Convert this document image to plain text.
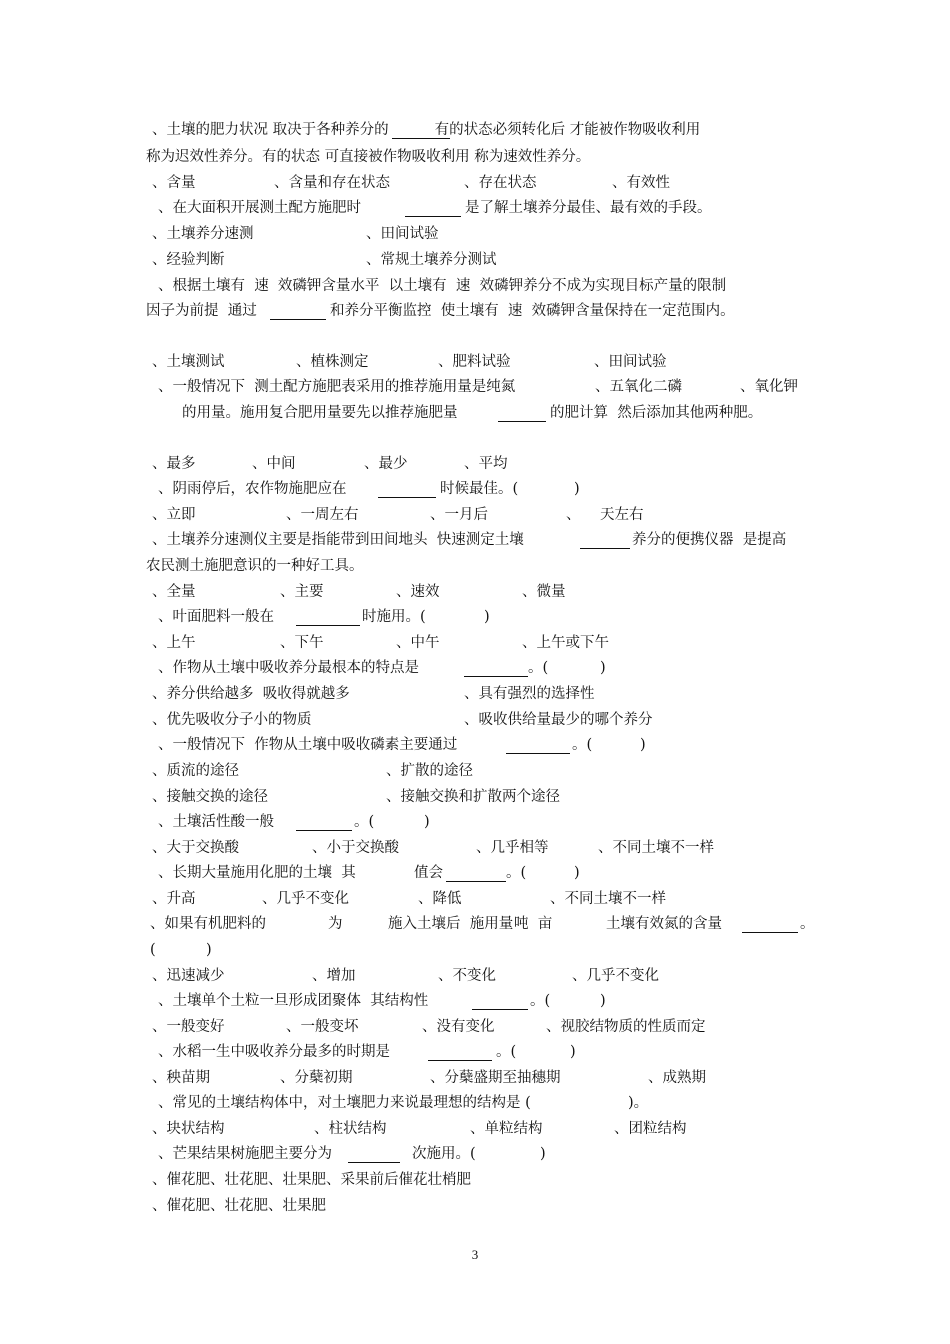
、土壤的肥力状况 取决于各种养分的	有的状态必须转化后 才能被作物吸收利用
称为迟效性养分。有的状态 可直接被作物吸收利用 称为速效性养分。
、含量	、含量和存在状态	、存在状态	、有效性
、在大面积开展测土配方施肥时	是了解土壤养分最佳、最有效的手段。
、土壤养分速测	、田间试验
、经验判断	、常规土壤养分测试
、根据土壤有  速  效磷钾含量水平  以土壤有  速  效磷钾养分不成为实现目标产量的限制
因子为前提  通过	和养分平衡监控  使土壤有  速  效磷钾含量保持在一定范围内。
、土壤测试	、植株测定	、肥料试验	、田间试验
、一般情况下  测土配方施肥表采用的推荐施用量是纯氮	、五氧化二磷	、氧化钾
的用量。施用复合肥用量要先以推荐施肥量	的肥计算  然后添加其他两种肥。
、最多	、中间	、最少	、平均
、阴雨停后，农作物施肥应在	时候最佳。(	)
、立即	、一周左右	、一月后	、 天左右
、土壤养分速测仪主要是指能带到田间地头  快速测定土壤	养分的便携仪器  是提高
农民测土施肥意识的一种好工具。
、全量	、主要	、速效	、微量
、叶面肥料一般在	时施用。(	)
、上午	、下午	、中午	、上午或下午
、作物从土壤中吸收养分最根本的特点是	。(	)
、养分供给越多  吸收得就越多	、具有强烈的选择性
、优先吸收分子小的物质	、吸收供给量最少的哪个养分
、一般情况下  作物从土壤中吸收磷素主要通过	。(	)
、质流的途径	、扩散的途径
、接触交换的途径	、接触交换和扩散两个途径
、土壤活性酸一般	。(	)
、大于交换酸	、小于交换酸	、几乎相等	、不同土壤不一样
、长期大量施用化肥的土壤  其	值会	。(	)
、升高	、几乎不变化	、降低	、不同土壤不一样
、如果有机肥料的	为	施入土壤后  施用量 吨  亩	土壤有效氮的含量	。
(	)
、迅速减少	、增加	、不变化	、几乎不变化
、土壤单个土粒一旦形成团聚体  其结构性	。(	)
、一般变好	、一般变坏	、没有变化	、视胶结物质的性质而定
、水稻一生中吸收养分最多的时期是	。(	)
、秧苗期	、分蘖初期	、分蘖盛期至抽穗期	、成熟期
、常见的土壤结构体中，对土壤肥力来说最理想的结构是 (	)。
、块状结构	、柱状结构	、单粒结构	、团粒结构
、芒果结果树施肥主要分为	次施用。(	)
、催花肥、壮花肥、壮果肥、采果前后催花壮梢肥
、催花肥、壮花肥、壮果肥
3
